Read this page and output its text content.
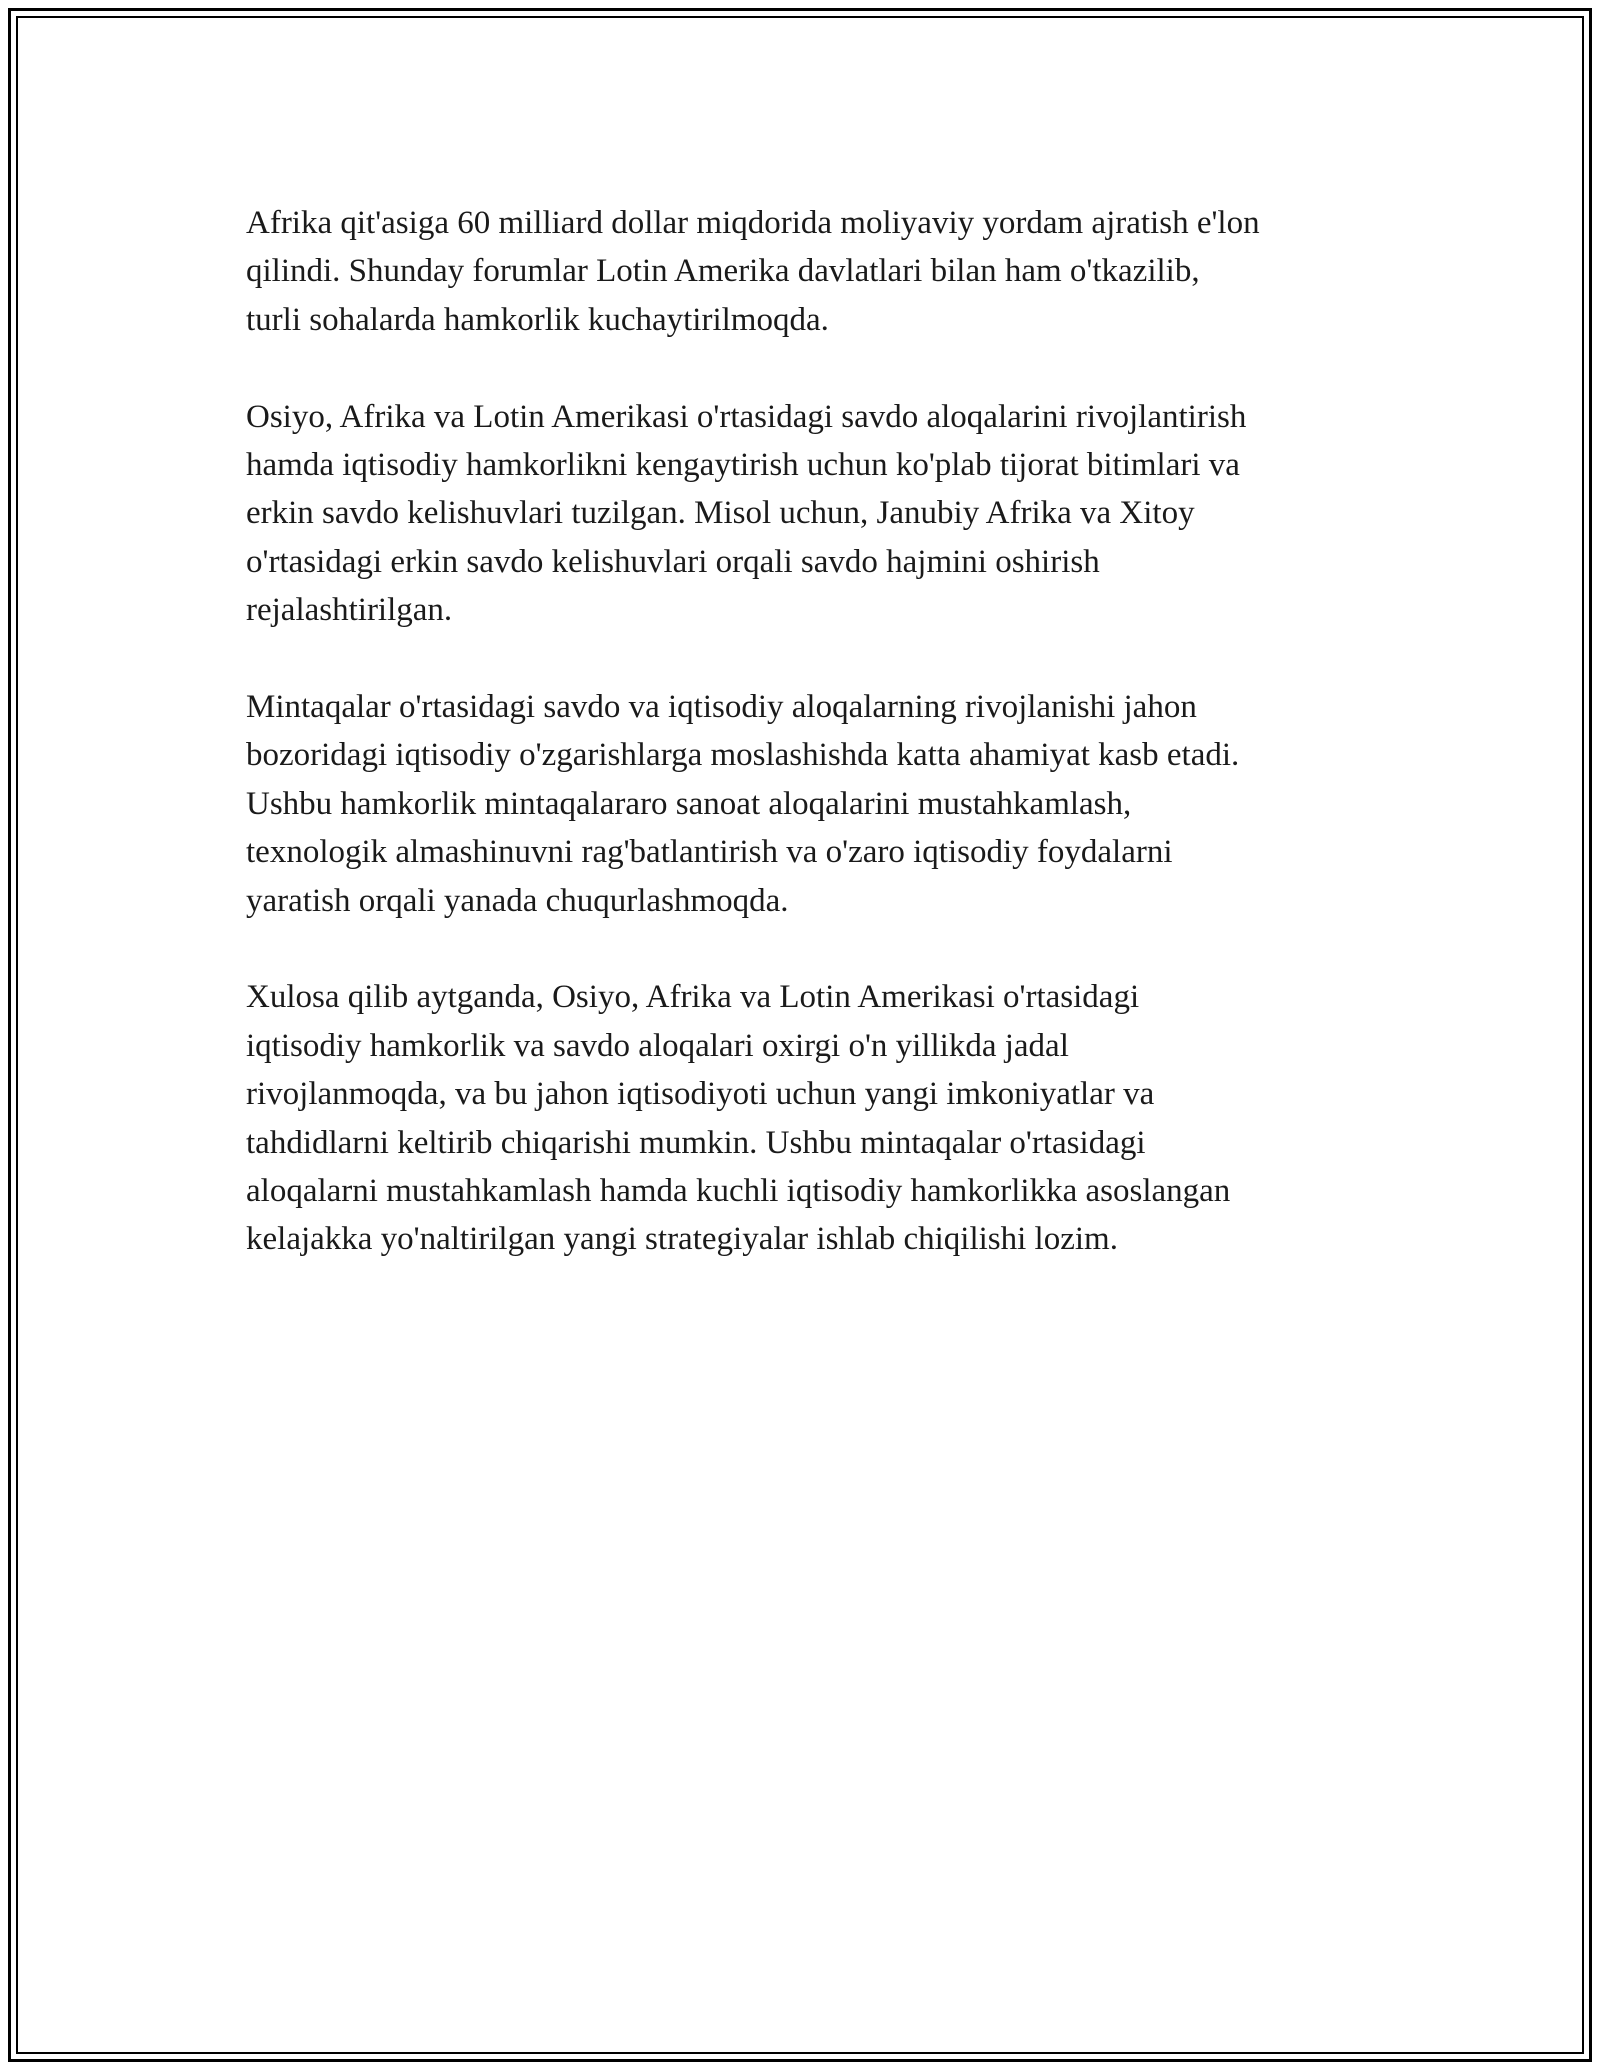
Afrika qit'asiga 60 milliard dollar miqdorida moliyaviy yordam ajratish e'lon
qilindi. Shunday forumlar Lotin Amerika davlatlari bilan ham o'tkazilib,
turli sohalarda hamkorlik kuchaytirilmoqda.

Osiyo, Afrika va Lotin Amerikasi o'rtasidagi savdo aloqalarini rivojlantirish
hamda iqtisodiy hamkorlikni kengaytirish uchun ko'plab tijorat bitimlari va
erkin savdo kelishuvlari tuzilgan. Misol uchun, Janubiy Afrika va Xitoy
o'rtasidagi erkin savdo kelishuvlari orqali savdo hajmini oshirish
rejalashtirilgan.

Mintaqalar o'rtasidagi savdo va iqtisodiy aloqalarning rivojlanishi jahon
bozoridagi iqtisodiy o'zgarishlarga moslashishda katta ahamiyat kasb etadi.
Ushbu hamkorlik mintaqalararo sanoat aloqalarini mustahkamlash,
texnologik almashinuvni rag'batlantirish va o'zaro iqtisodiy foydalarni
yaratish orqali yanada chuqurlashmoqda.

Xulosa qilib aytganda, Osiyo, Afrika va Lotin Amerikasi o'rtasidagi
iqtisodiy hamkorlik va savdo aloqalari oxirgi o'n yillikda jadal
rivojlanmoqda, va bu jahon iqtisodiyoti uchun yangi imkoniyatlar va
tahdidlarni keltirib chiqarishi mumkin. Ushbu mintaqalar o'rtasidagi
aloqalarni mustahkamlash hamda kuchli iqtisodiy hamkorlikka asoslangan
kelajakka yo'naltirilgan yangi strategiyalar ishlab chiqilishi lozim.
